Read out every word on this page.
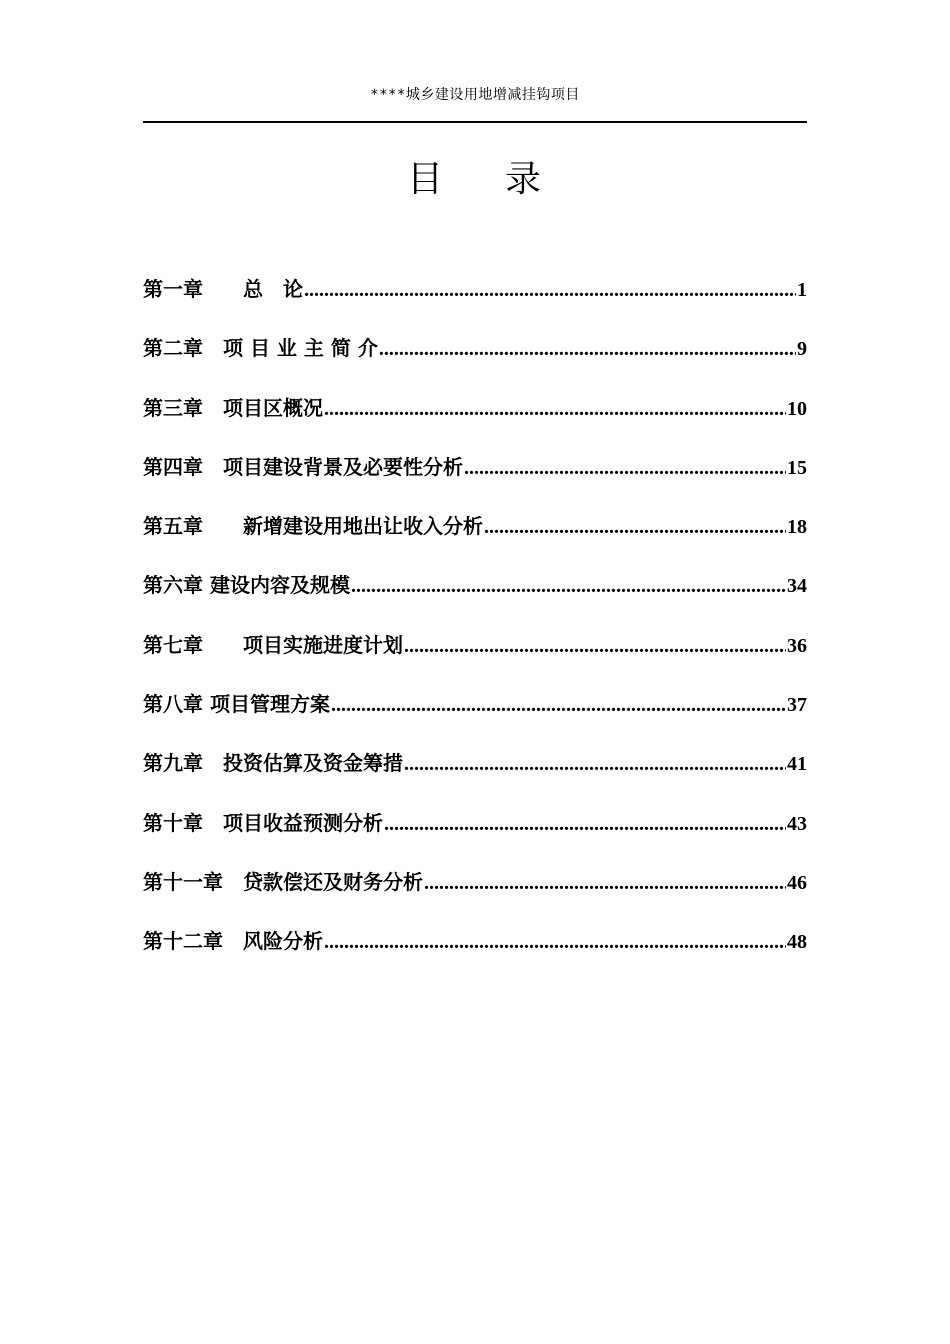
****城乡建设用地增减挂钩项目
目 录
第一章　　总　论 .....	1
第二章　项 目 业 主 简 介 .....	9
第三章　项目区概况 .....	10
第四章　项目建设背景及必要性分析 .....	15
第五章　　新增建设用地出让收入分析 .....	18
第六章 建设内容及规模 .....	34
第七章　　项目实施进度计划 .....	36
第八章 项目管理方案 .....	37
第九章　投资估算及资金筹措 .....	41
第十章　项目收益预测分析 .....	43
第十一章　贷款偿还及财务分析 .....	46
第十二章　风险分析 .....	48
